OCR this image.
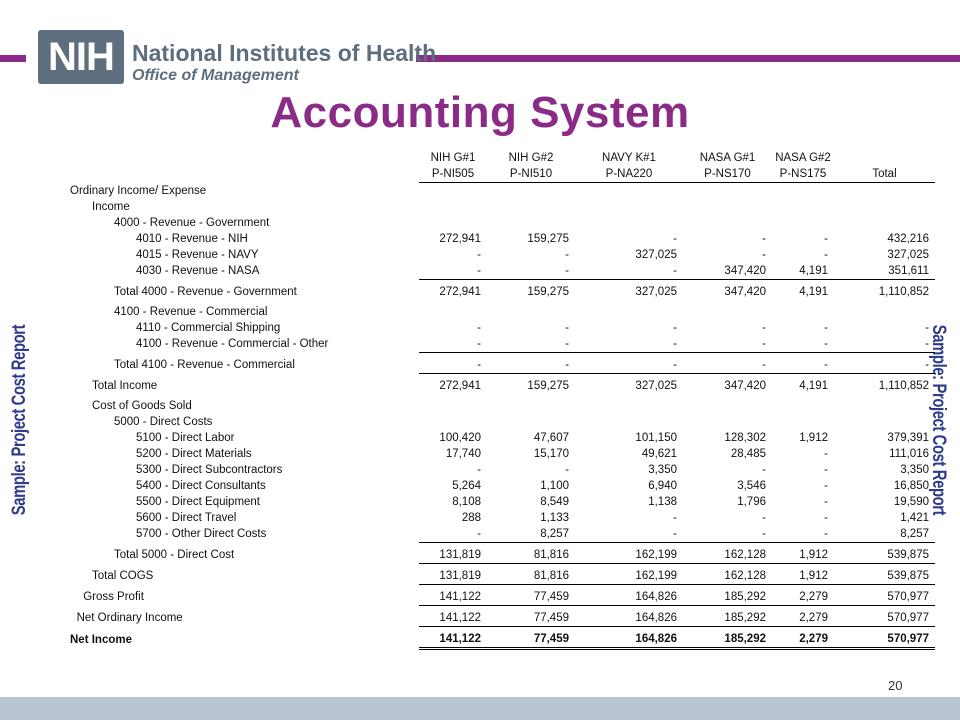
NIH National Institutes of Health
Office of Management
Accounting System
Sample: Project Cost Report	Sample: Project Cost Report
	NIH G#1	NIH G#2	NAVY K#1	NASA G#1	NASA G#2	
	P-NI505	P-NI510	P-NA220	P-NS170	P-NS175	Total
Ordinary Income/ Expense						
Income						
4000 - Revenue - Government						
4010 - Revenue - NIH	272,941	159,275	-	-	-	432,216
4015 - Revenue - NAVY	-	-	327,025	-	-	327,025
4030 - Revenue - NASA	-	-	-	347,420	4,191	351,611

Total 4000 - Revenue - Government	272,941	159,275	327,025	347,420	4,191	1,110,852

4100 - Revenue - Commercial						
4110 - Commercial Shipping	-	-	-	-	-	-
4100 - Revenue - Commercial - Other	-	-	-	-	-	-

Total 4100 - Revenue - Commercial	-	-	-	-	-	-

Total Income	272,941	159,275	327,025	347,420	4,191	1,110,852

Cost of Goods Sold						
5000 - Direct Costs						
5100 - Direct Labor	100,420	47,607	101,150	128,302	1,912	379,391
5200 - Direct Materials	17,740	15,170	49,621	28,485	-	111,016
5300 - Direct Subcontractors	-	-	3,350	-	-	3,350
5400 - Direct Consultants	5,264	1,100	6,940	3,546	-	16,850
5500 - Direct Equipment	8,108	8,549	1,138	1,796	-	19,590
5600 - Direct Travel	288	1,133	-	-	-	1,421
5700 - Other Direct Costs	-	8,257	-	-	-	8,257

Total 5000 - Direct Cost	131,819	81,816	162,199	162,128	1,912	539,875

Total COGS	131,819	81,816	162,199	162,128	1,912	539,875

Gross Profit	141,122	77,459	164,826	185,292	2,279	570,977

Net Ordinary Income	141,122	77,459	164,826	185,292	2,279	570,977

Net Income	141,122	77,459	164,826	185,292	2,279	570,977
20
